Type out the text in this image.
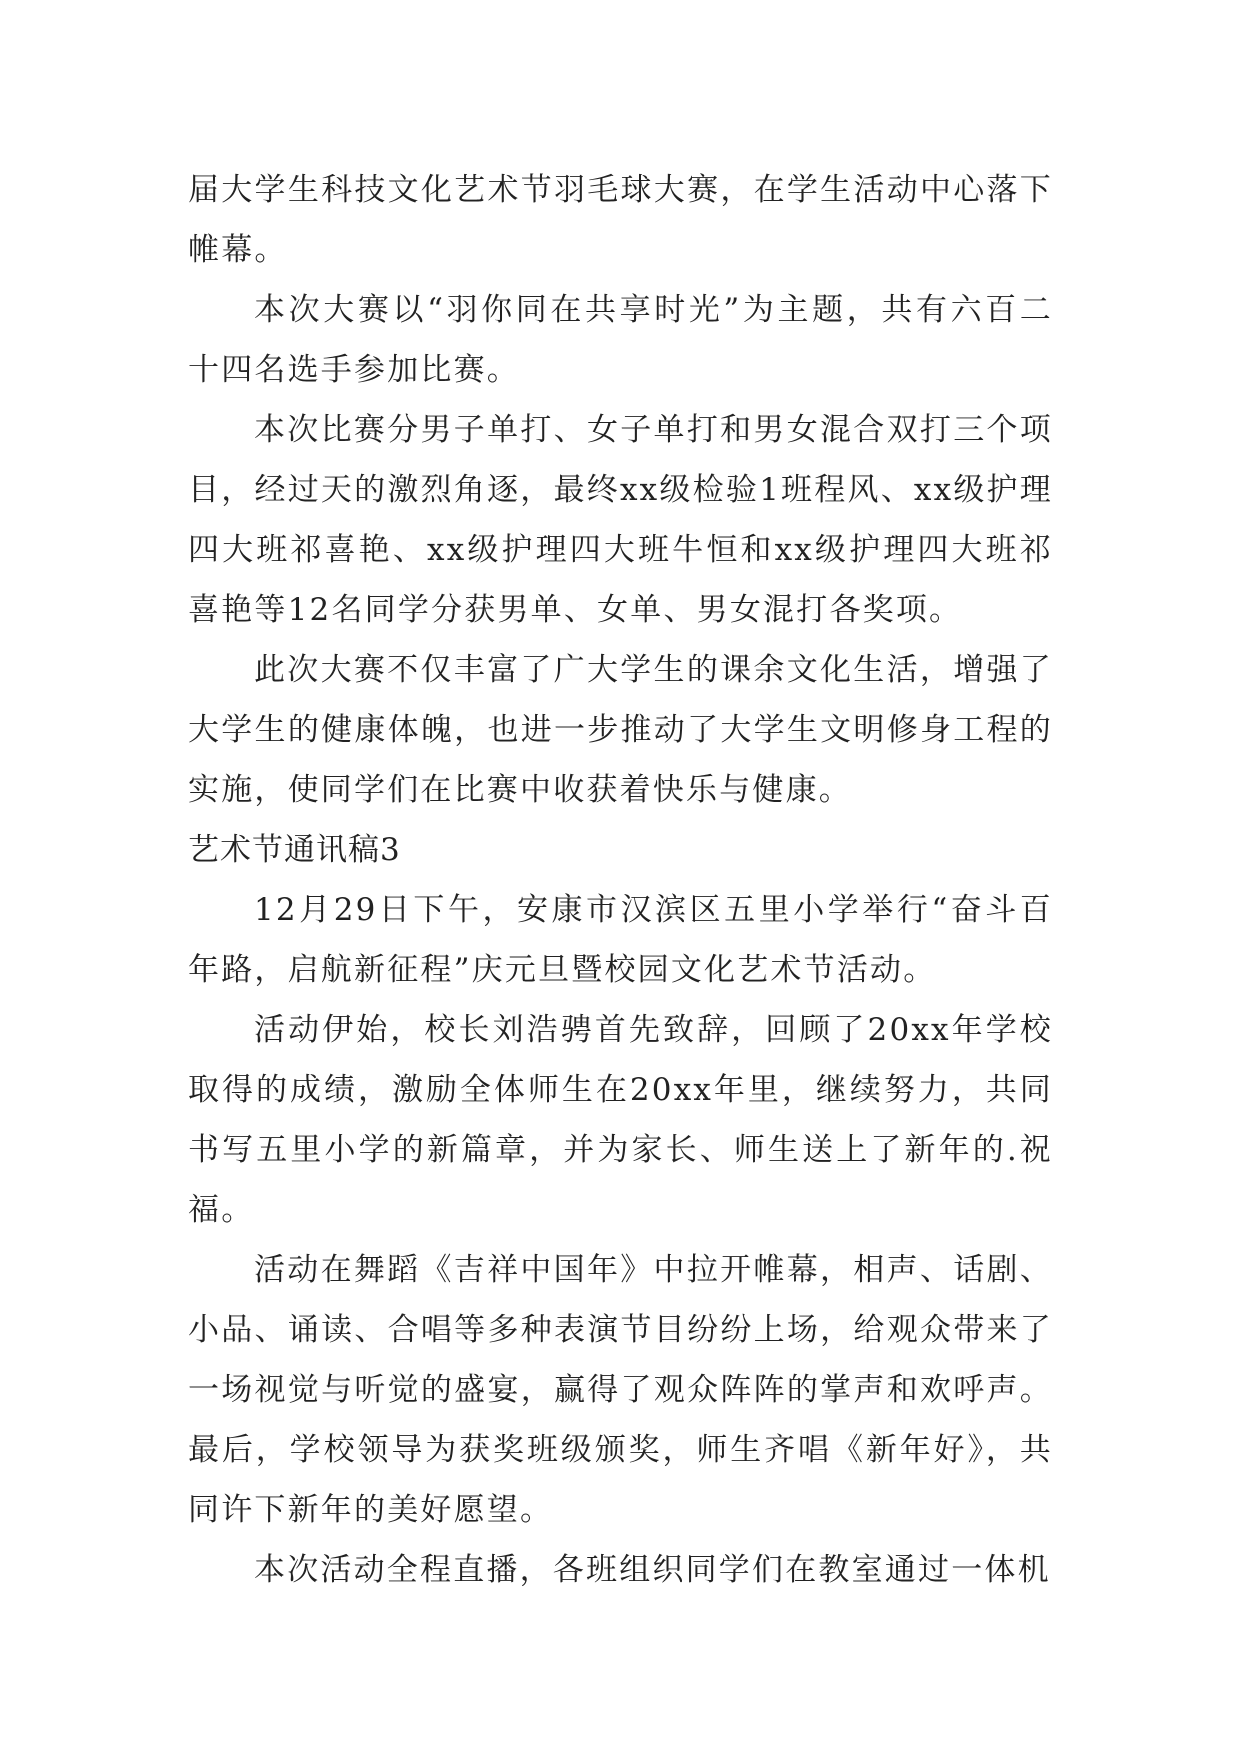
届大学生科技文化艺术节羽毛球大赛，在学生活动中心落下帷幕。

本次大赛以“羽你同在共享时光”为主题，共有六百二十四名选手参加比赛。

本次比赛分男子单打、女子单打和男女混合双打三个项目，经过天的激烈角逐，最终xx级检验1班程风、xx级护理四大班祁喜艳、xx级护理四大班牛恒和xx级护理四大班祁喜艳等12名同学分获男单、女单、男女混打各奖项。

此次大赛不仅丰富了广大学生的课余文化生活，增强了大学生的健康体魄，也进一步推动了大学生文明修身工程的实施，使同学们在比赛中收获着快乐与健康。

艺术节通讯稿3

12月29日下午，安康市汉滨区五里小学举行“奋斗百年路，启航新征程”庆元旦暨校园文化艺术节活动。

活动伊始，校长刘浩骋首先致辞，回顾了20xx年学校取得的成绩，激励全体师生在20xx年里，继续努力，共同书写五里小学的新篇章，并为家长、师生送上了新年的.祝福。

活动在舞蹈《吉祥中国年》中拉开帷幕，相声、话剧、小品、诵读、合唱等多种表演节目纷纷上场，给观众带来了一场视觉与听觉的盛宴，赢得了观众阵阵的掌声和欢呼声。最后，学校领导为获奖班级颁奖，师生齐唱《新年好》，共同许下新年的美好愿望。

本次活动全程直播，各班组织同学们在教室通过一体机
